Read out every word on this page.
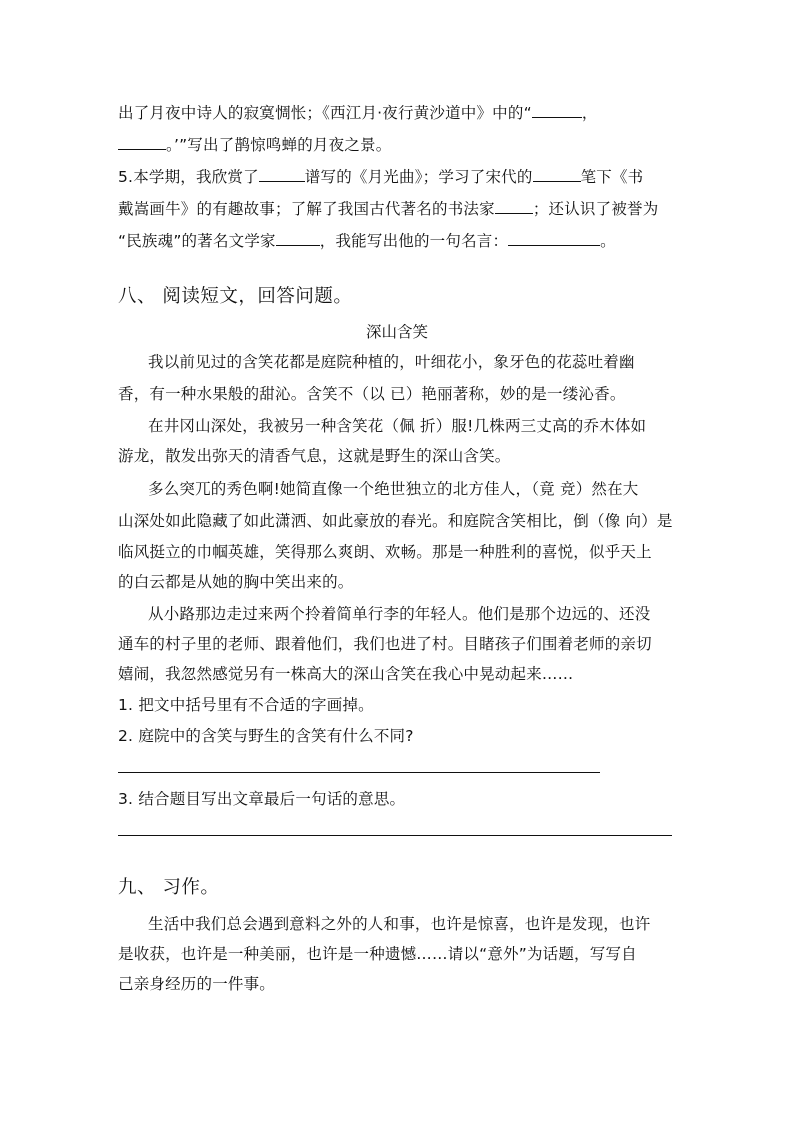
出了月夜中诗人的寂寞惆怅；《西江月·夜行黄沙道中》中的“	，
。’”写出了鹊惊鸣蝉的月夜之景。
5.本学期，我欣赏了	谱写的《月光曲》；学习了宋代的	笔下《书
戴嵩画牛》的有趣故事；了解了我国古代著名的书法家 ；还认识了被誉为
“民族魂”的著名文学家	，我能写出他的一句名言：	。
八、 阅读短文，回答问题。
深山含笑
我以前见过的含笑花都是庭院种植的，叶细花小，象牙色的花蕊吐着幽
香，有一种水果般的甜沁。含笑不（以 已）艳丽著称，妙的是一缕沁香。
在井冈山深处，我被另一种含笑花（佩 折）服!几株两三丈高的乔木体如
游龙，散发出弥天的清香气息，这就是野生的深山含笑。
多么突兀的秀色啊!她简直像一个绝世独立的北方佳人，（竟 竞）然在大
山深处如此隐藏了如此潇洒、如此豪放的春光。和庭院含笑相比，倒（像 向）是
临风挺立的巾帼英雄，笑得那么爽朗、欢畅。那是一种胜利的喜悦，似乎天上
的白云都是从她的胸中笑出来的。
从小路那边走过来两个拎着简单行李的年轻人。他们是那个边远的、还没
通车的村子里的老师、跟着他们，我们也进了村。目睹孩子们围着老师的亲切
嬉闹，我忽然感觉另有一株高大的深山含笑在我心中晃动起来……
1. 把文中括号里有不合适的字画掉。
2. 庭院中的含笑与野生的含笑有什么不同?
3. 结合题目写出文章最后一句话的意思。
九、 习作。
生活中我们总会遇到意料之外的人和事，也许是惊喜，也许是发现，也许
是收获，也许是一种美丽，也许是一种遗憾……请以“意外”为话题，写写自
己亲身经历的一件事。
